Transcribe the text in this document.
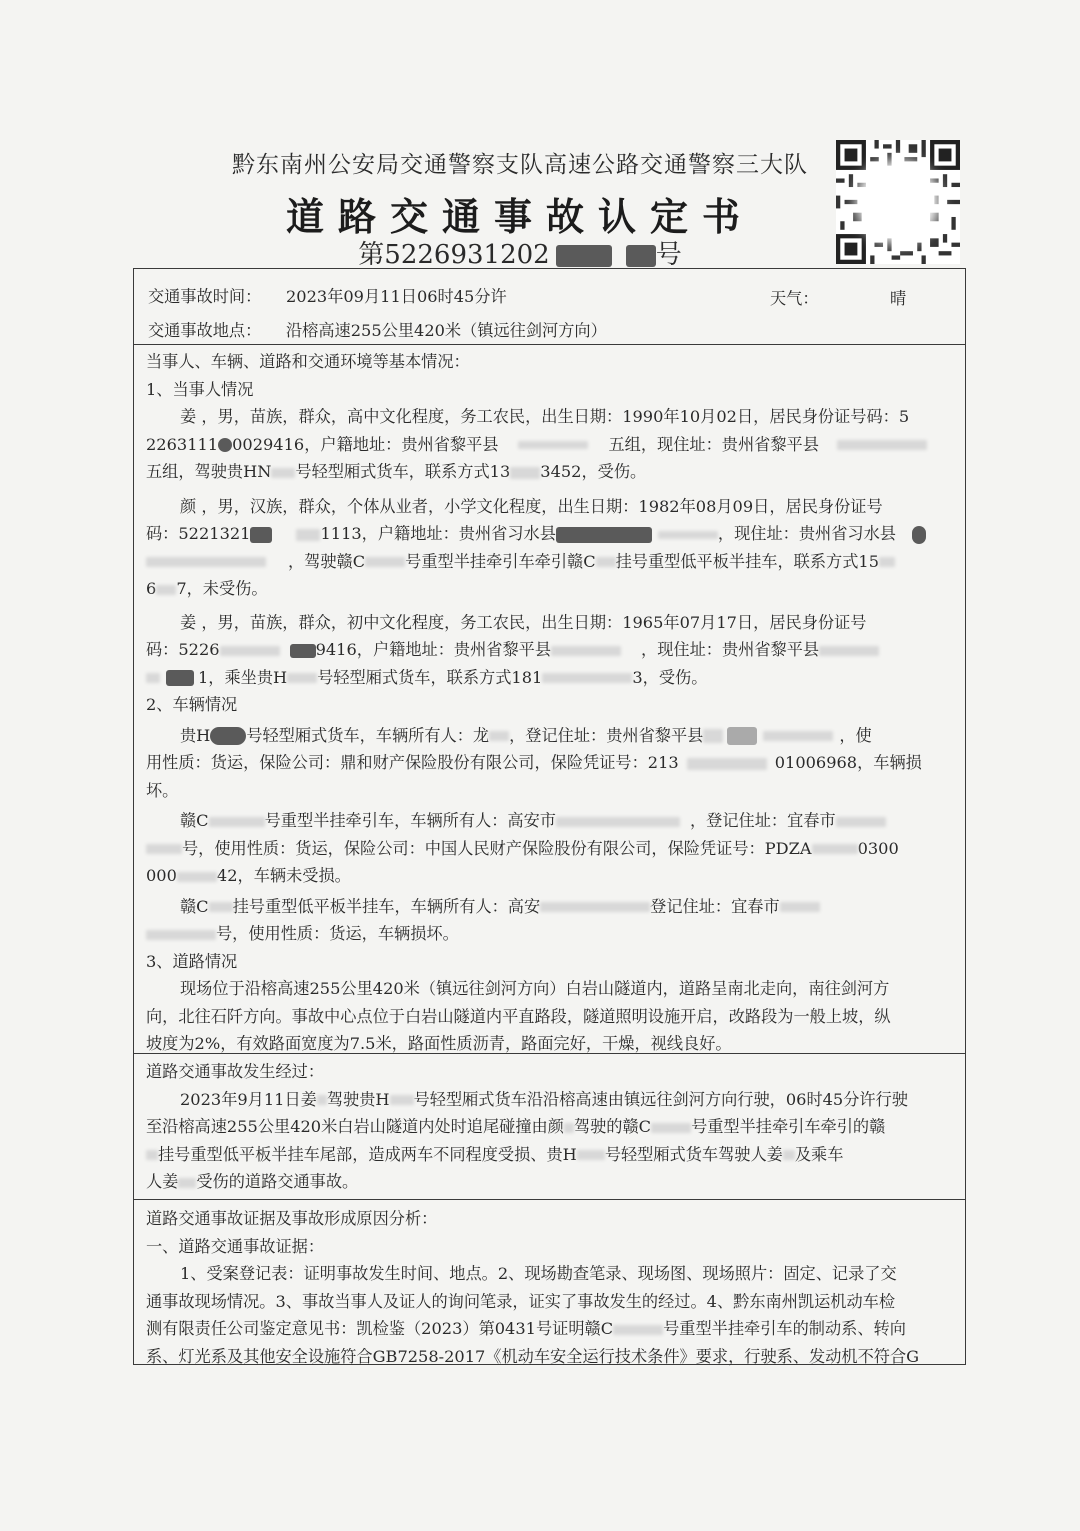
黔东南州公安局交通警察支队高速公路交通警察三大队
道路交通事故认定书
第5226931202	号
交通事故时间： 2023年09月11日06时45分许	天气：	晴
交通事故地点： 沿榕高速255公里420米（镇远往剑河方向）
当事人、车辆、道路和交通环境等基本情况：
1、当事人情况
姜 ，男，苗族，群众，高中文化程度，务工农民，出生日期：1990年10月02日，居民身份证号码：5
2263111 0029416，户籍地址：贵州省黎平县	五组，现住址：贵州省黎平县
五组，驾驶贵HN 号轻型厢式货车，联系方式13 3452，受伤。
颜 ，男，汉族，群众，个体从业者，小学文化程度，出生日期：1982年08月09日，居民身份证号
码：5221321	1113，户籍地址：贵州省习水县	，现住址：贵州省习水县
，驾驶赣C 号重型半挂牵引车牵引赣C 挂号重型低平板半挂车，联系方式15
6 7，未受伤。
姜 ，男，苗族，群众，初中文化程度，务工农民，出生日期：1965年07月17日，居民身份证号
码：5226	9416，户籍地址：贵州省黎平县	，现住址：贵州省黎平县
1，乘坐贵H 号轻型厢式货车，联系方式181	3，受伤。
2、车辆情况
贵H 号轻型厢式货车，车辆所有人：龙 ，登记住址：贵州省黎平县	，使
用性质：货运，保险公司：鼎和财产保险股份有限公司，保险凭证号：213	01006968，车辆损
坏。
赣C	号重型半挂牵引车，车辆所有人：高安市	，登记住址：宜春市
号，使用性质：货运，保险公司：中国人民财产保险股份有限公司，保险凭证号：PDZA	0300
000 42，车辆未受损。
赣C 挂号重型低平板半挂车，车辆所有人：高安	登记住址：宜春市
号，使用性质：货运，车辆损坏。
3、道路情况
现场位于沿榕高速255公里420米（镇远往剑河方向）白岩山隧道内，道路呈南北走向，南往剑河方
向，北往石阡方向。事故中心点位于白岩山隧道内平直路段，隧道照明设施开启，改路段为一般上坡，纵
坡度为2%，有效路面宽度为7.5米，路面性质沥青，路面完好，干燥，视线良好。
道路交通事故发生经过：
2023年9月11日姜 驾驶贵H 号轻型厢式货车沿沿榕高速由镇远往剑河方向行驶，06时45分许行驶
至沿榕高速255公里420米白岩山隧道内处时追尾碰撞由颜 驾驶的赣C 号重型半挂牵引车牵引的赣
挂号重型低平板半挂车尾部，造成两车不同程度受损、贵H 号轻型厢式货车驾驶人姜 及乘车
人姜 受伤的道路交通事故。
道路交通事故证据及事故形成原因分析：
一、道路交通事故证据：
1、受案登记表：证明事故发生时间、地点。2、现场勘查笔录、现场图、现场照片：固定、记录了交
通事故现场情况。3、事故当事人及证人的询问笔录，证实了事故发生的经过。4、黔东南州凯运机动车检
测有限责任公司鉴定意见书：凯检鉴（2023）第0431号证明赣C	号重型半挂牵引车的制动系、转向
系、灯光系及其他安全设施符合GB7258-2017《机动车安全运行技术条件》要求，行驶系、发动机不符合G
